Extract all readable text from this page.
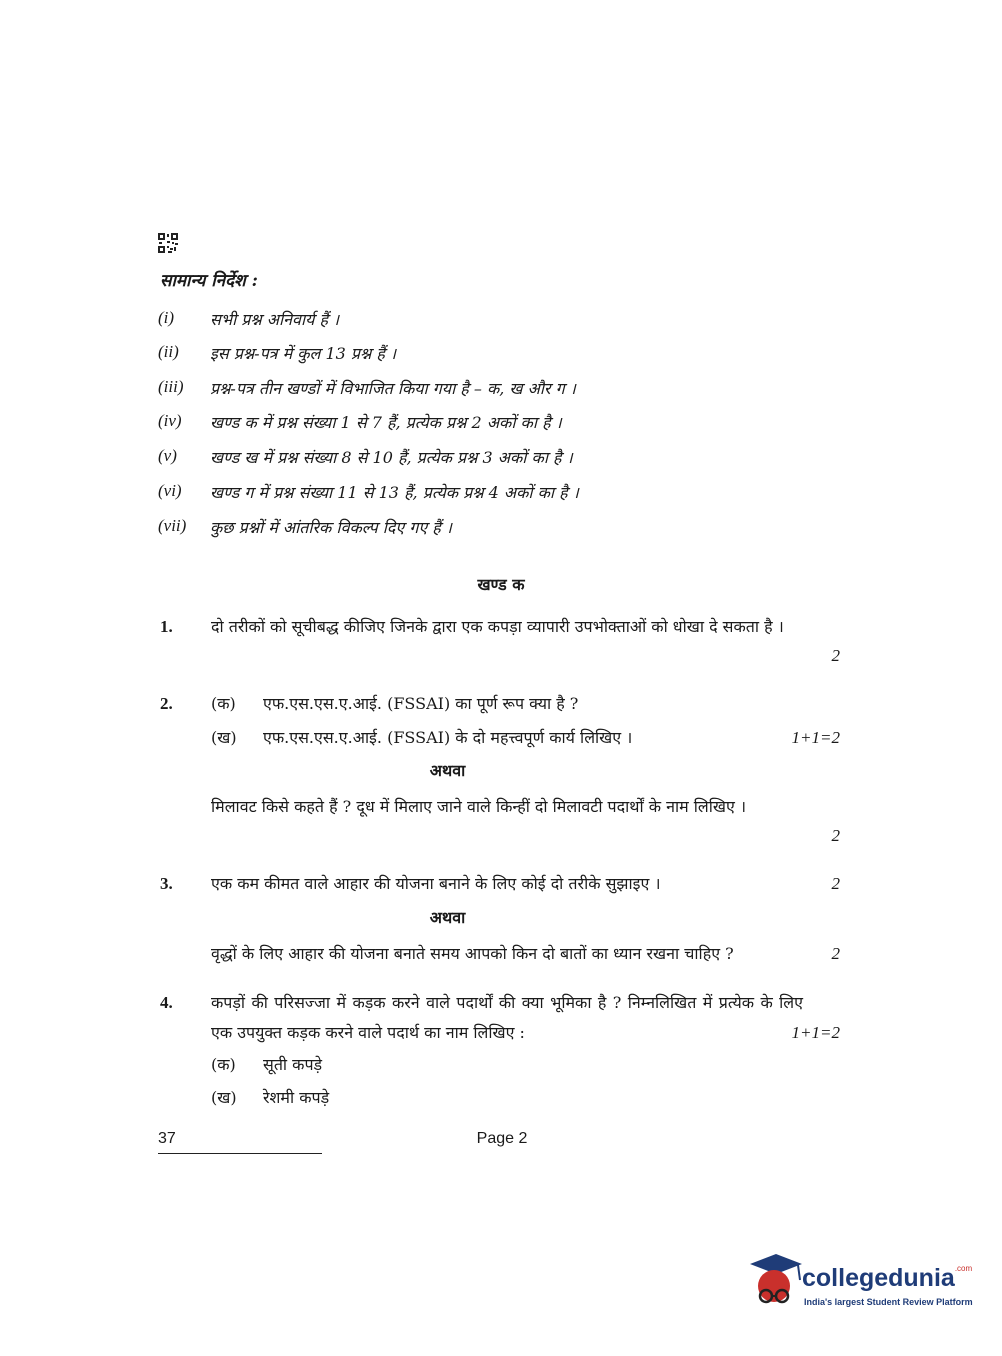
सामान्य निर्देश :
(i)	सभी प्रश्न अनिवार्य हैं ।
(ii)	इस प्रश्न-पत्र में कुल 13 प्रश्न हैं ।
(iii)	प्रश्न-पत्र तीन खण्डों में विभाजित किया गया है – क, ख और ग ।
(iv)	खण्ड क में प्रश्न संख्या 1 से 7 हैं, प्रत्येक प्रश्न 2 अकों का है ।
(v)	खण्ड ख में प्रश्न संख्या 8 से 10 हैं, प्रत्येक प्रश्न 3 अकों का है ।
(vi)	खण्ड ग में प्रश्न संख्या 11 से 13 हैं, प्रत्येक प्रश्न 4 अकों का है ।
(vii)	कुछ प्रश्नों में आंतरिक विकल्प दिए गए हैं ।
खण्ड क
1. दो तरीकों को सूचीबद्ध कीजिए जिनके द्वारा एक कपड़ा व्यापारी उपभोक्ताओं को धोखा दे सकता है ।
2
2. (क)	एफ.एस.एस.ए.आई. (FSSAI) का पूर्ण रूप क्या है ?
(ख)	एफ.एस.एस.ए.आई. (FSSAI) के दो महत्त्वपूर्ण कार्य लिखिए ।	1+1=2
अथवा
मिलावट किसे कहते हैं ? दूध में मिलाए जाने वाले किन्हीं दो मिलावटी पदार्थों के नाम लिखिए ।
2
3. एक कम कीमत वाले आहार की योजना बनाने के लिए कोई दो तरीके सुझाइए ।	2
अथवा
वृद्धों के लिए आहार की योजना बनाते समय आपको किन दो बातों का ध्यान रखना चाहिए ?	2
4. कपड़ों की परिसज्जा में कड़क करने वाले पदार्थों की क्या भूमिका है ? निम्नलिखित में प्रत्येक के लिए एक उपयुक्त कड़क करने वाले पदार्थ का नाम लिखिए :	1+1=2
(क)	सूती कपड़े
(ख)	रेशमी कपड़े
37	Page 2
collegedunia$^{.com}$
India's largest Student Review Platform
